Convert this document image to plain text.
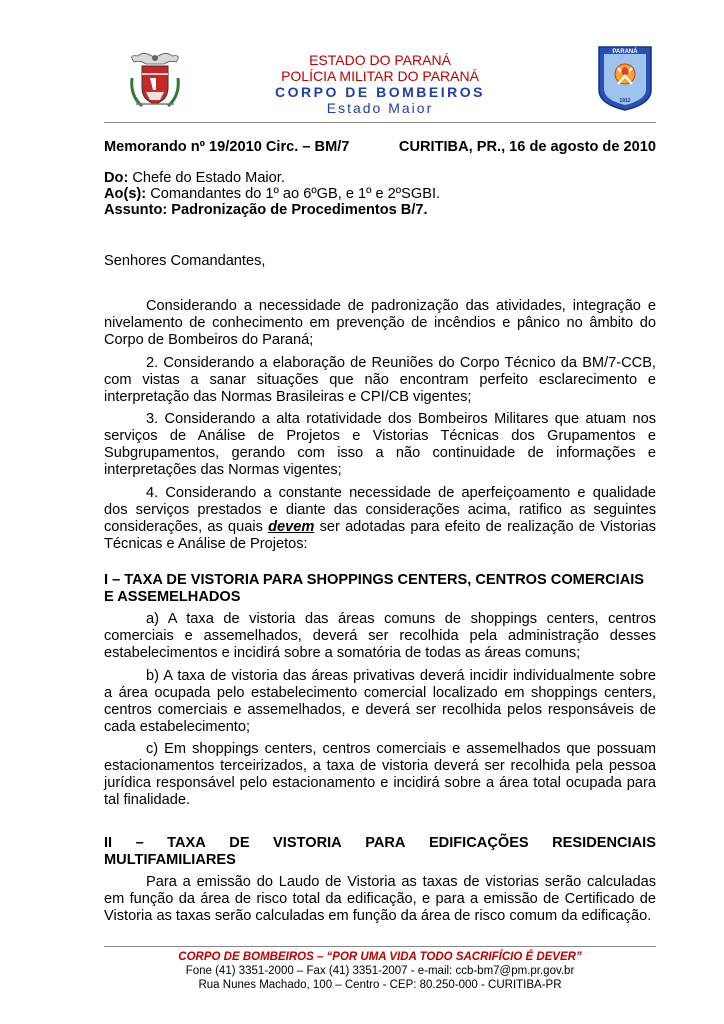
ESTADO DO PARANÁ
POLÍCIA MILITAR DO PARANÁ
CORPO DE BOMBEIROS
Estado Maior
PARANÁ
1912
Memorando nº 19/2010 Circ. – BM/7	CURITIBA, PR., 16 de agosto de 2010
Do: Chefe do Estado Maior.
Ao(s): Comandantes do 1º ao 6ºGB, e 1º e 2ºSGBI.
Assunto: Padronização de Procedimentos B/7.
Senhores Comandantes,
Considerando a necessidade de padronização das atividades, integração e nivelamento de conhecimento em prevenção de incêndios e pânico no âmbito do Corpo de Bombeiros do Paraná;
2. Considerando a elaboração de Reuniões do Corpo Técnico da BM/7-CCB, com vistas a sanar situações que não encontram perfeito esclarecimento e interpretação das Normas Brasileiras e CPI/CB vigentes;
3. Considerando a alta rotatividade dos Bombeiros Militares que atuam nos serviços de Análise de Projetos e Vistorias Técnicas dos Grupamentos e Subgrupamentos, gerando com isso a não continuidade de informações e interpretações das Normas vigentes;
4. Considerando a constante necessidade de aperfeiçoamento e qualidade dos serviços prestados e diante das considerações acima, ratifico as seguintes considerações, as quais devem ser adotadas para efeito de realização de Vistorias Técnicas e Análise de Projetos:
I – TAXA DE VISTORIA PARA SHOPPINGS CENTERS, CENTROS COMERCIAIS E ASSEMELHADOS
a) A taxa de vistoria das áreas comuns de shoppings centers, centros comerciais e assemelhados, deverá ser recolhida pela administração desses estabelecimentos e incidirá sobre a somatória de todas as áreas comuns;
b) A taxa de vistoria das áreas privativas deverá incidir individualmente sobre a área ocupada pelo estabelecimento comercial localizado em shoppings centers, centros comerciais e assemelhados, e deverá ser recolhida pelos responsáveis de cada estabelecimento;
c) Em shoppings centers, centros comerciais e assemelhados que possuam estacionamentos terceirizados, a taxa de vistoria deverá ser recolhida pela pessoa jurídica responsável pelo estacionamento e incidirá sobre a área total ocupada para tal finalidade.
II – TAXA DE VISTORIA PARA EDIFICAÇÕES RESIDENCIAIS
MULTIFAMILIARES
Para a emissão do Laudo de Vistoria as taxas de vistorias serão calculadas em função da área de risco total da edificação, e para a emissão de Certificado de Vistoria as taxas serão calculadas em função da área de risco comum da edificação.
CORPO DE BOMBEIROS – “POR UMA VIDA TODO SACRIFÍCIO É DEVER”
Fone (41) 3351-2000 – Fax (41) 3351-2007 - e-mail: ccb-bm7@pm.pr.gov.br
Rua Nunes Machado, 100 – Centro - CEP: 80.250-000 - CURITIBA-PR
